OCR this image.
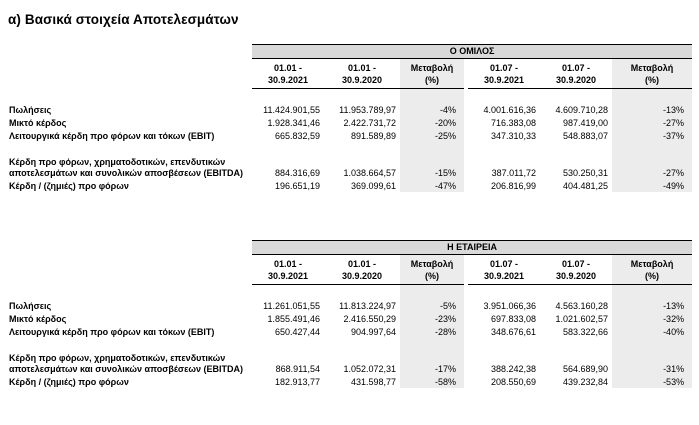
α) Βασικά στοιχεία Αποτελεσμάτων
	Ο ΟΜΙΛΟΣ						

	01.01 -
30.9.2021	01.01 -
30.9.2020	Μεταβολή
(%)		01.07 -
30.9.2021	01.07 -
30.9.2020	Μεταβολή
(%)

Πωλήσεις	11.424.901,55	11.953.789,97	-4%		4.001.616,36	4.609.710,28	-13%
Μικτό κέρδος	1.928.341,46	2.422.731,72	-20%		716.383,08	987.419,00	-27%
Λειτουργικά κέρδη προ φόρων και τόκων (EBIT)	665.832,59	891.589,89	-25%		347.310,33	548.883,07	-37%
Κέρδη προ φόρων, χρηματοδοτικών, επενδυτικών αποτελεσμάτων και συνολικών αποσβέσεων (EBITDA)	884.316,69	1.038.664,57	-15%		387.011,72	530.250,31	-27%
Κέρδη / (ζημιές) προ φόρων	196.651,19	369.099,61	-47%		206.816,99	404.481,25	-49%
	Η ΕΤΑΙΡΕΙΑ						

	01.01 -
30.9.2021	01.01 -
30.9.2020	Μεταβολή
(%)		01.07 -
30.9.2021	01.07 -
30.9.2020	Μεταβολή
(%)

Πωλήσεις	11.261.051,55	11.813.224,97	-5%		3.951.066,36	4.563.160,28	-13%
Μικτό κέρδος	1.855.491,46	2.416.550,29	-23%		697.833,08	1.021.602,57	-32%
Λειτουργικά κέρδη προ φόρων και τόκων (EBIT)	650.427,44	904.997,64	-28%		348.676,61	583.322,66	-40%
Κέρδη προ φόρων, χρηματοδοτικών, επενδυτικών αποτελεσμάτων και συνολικών αποσβέσεων (EBITDA)	868.911,54	1.052.072,31	-17%		388.242,38	564.689,90	-31%
Κέρδη / (ζημιές) προ φόρων	182.913,77	431.598,77	-58%		208.550,69	439.232,84	-53%
